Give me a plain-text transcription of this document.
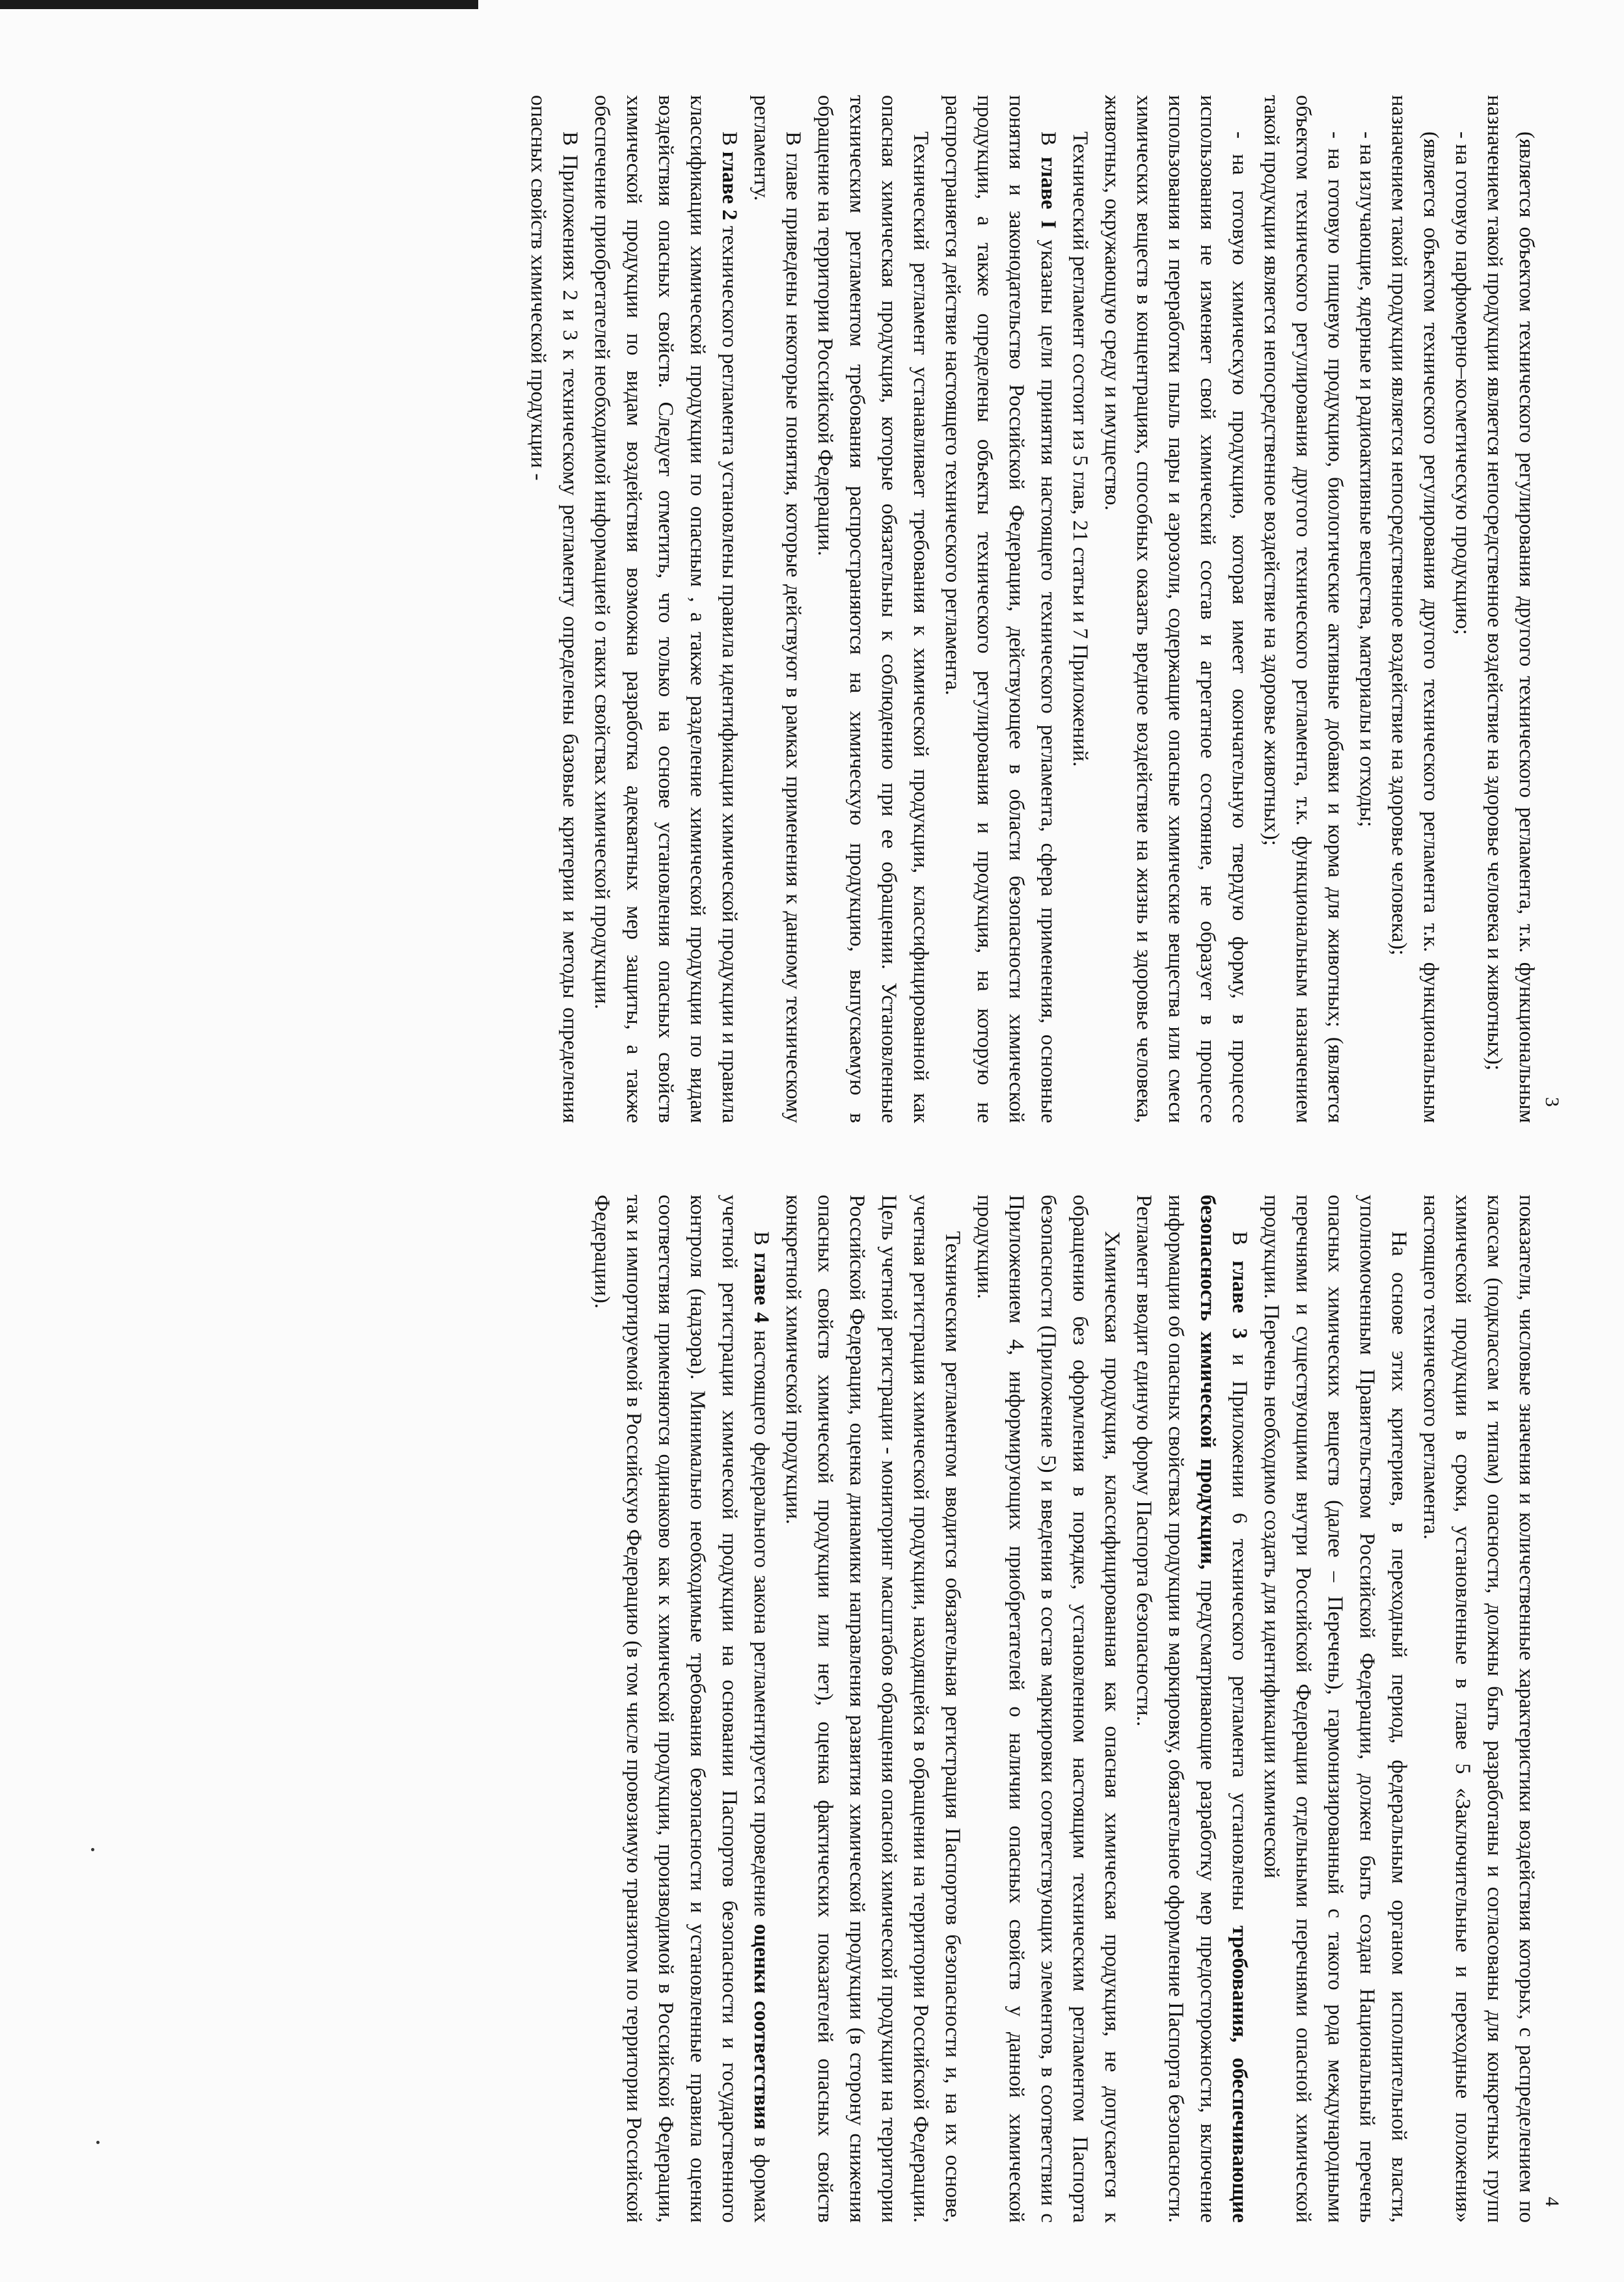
3

(является объектом технического регулирования другого технического регламента, т.к. функциональным назначением такой продукции является непосредственное воздействие на здоровье человека и животных);

- на готовую парфюмерно–косметическую продукцию;

(является объектом технического регулирования другого технического регламента т.к. функциональным назначением такой продукции является непосредственное воздействие на здоровье человека);

- на излучающие, ядерные и радиоактивные вещества, материалы и отходы;

- на готовую пищевую продукцию, биологические активные добавки и корма для животных; (является объектом технического регулирования другого технического регламента, т.к. функциональным назначением такой продукции является непосредственное воздействие на здоровье животных);

- на готовую химическую продукцию, которая имеет окончательную твердую форму, в процессе использования не изменяет свой химический состав и агрегатное состояние, не образует в процессе использования и переработки пыль пары и аэрозоли, содержащие опасные химические вещества или смеси химических веществ в концентрациях, способных оказать вредное воздействие на жизнь и здоровье человека, животных, окружающую среду и имущество.

Технический регламент состоит из 5 глав, 21 статьи и 7 Приложений.

В главе I указаны цели принятия настоящего технического регламента, сфера применения, основные понятия и законодательство Российской Федерации, действующее в области безопасности химической продукции, а также определены объекты технического регулирования и продукция, на которую не распространяется действие настоящего технического регламента.

Технический регламент устанавливает требования к химической продукции, классифицированной как опасная химическая продукция, которые обязательны к соблюдению при ее обращении. Установленные техническим регламентом требования распространяются на химическую продукцию, выпускаемую в обращение на территории Российской Федерации.

В главе приведены некоторые понятия, которые действуют в рамках применения к данному техническому регламенту.

В главе 2 технического регламента установлены правила идентификации химической продукции и правила классификации химической продукции по опасным , а также разделение химической продукции по видам воздействия опасных свойств. Следует отметить, что только на основе установления опасных свойств химической продукции по видам воздействия возможна разработка адекватных мер защиты, а также обеспечение приобретателей необходимой информацией о таких свойствах химической продукции.

В Приложениях 2 и 3 к техническому регламенту определены базовые критерии и методы определения опасных свойств химической продукции -

4

показатели, числовые значения и количественные характеристики воздействия которых, с распределением по классам (подклассам и типам) опасности, должны быть разработаны и согласованы для конкретных групп химической продукции в сроки, установленные в главе 5 «Заключительные и переходные положения» настоящего технического регламента.

На основе этих критериев, в переходный период, федеральным органом исполнительной власти, уполномоченным Правительством Российской Федерации, должен быть создан Национальный перечень опасных химических веществ (далее – Перечень), гармонизированный с такого рода международными перечнями и существующими внутри Российской Федерации отдельными перечнями опасной химической продукции. Перечень необходимо создать для идентификации химической

В главе 3 и Приложении 6 технического регламента установлены требования, обеспечивающие безопасность химической продукции, предусматривающие разработку мер предосторожности, включение информации об опасных свойствах продукции в маркировку, обязательное оформление Паспорта безопасности. Регламент вводит единую форму Паспорта безопасности..

Химическая продукция, классифицированная как опасная химическая продукция, не допускается к обращению без оформления в порядке, установленном настоящим техническим регламентом Паспорта безопасности (Приложение 5) и введения в состав маркировки соответствующих элементов, в соответствии с Приложением 4, информирующих приобретателей о наличии опасных свойств у данной химической продукции.

Техническим регламентом вводится обязательная регистрация Паспортов безопасности и, на их основе, учетная регистрация химической продукции, находящейся в обращении на территории Российской Федерации. Цель учетной регистрации - мониторинг масштабов обращения опасной химической продукции на территории Российской Федерации, оценка динамики направления развития химической продукции (в сторону снижения опасных свойств химической продукции или нет), оценка фактических показателей опасных свойств конкретной химической продукции.

В главе 4 настоящего федерального закона регламентируется проведение оценки соответствия в формах учетной регистрации химической продукции на основании Паспортов безопасности и государственного контроля (надзора). Минимально необходимые требования безопасности и установленные правила оценки соответствия применяются одинаково как к химической продукции, производимой в Российской Федерации, так и импортируемой в Российскую Федерацию (в том числе провозимую транзитом по территории Российской Федерации).
